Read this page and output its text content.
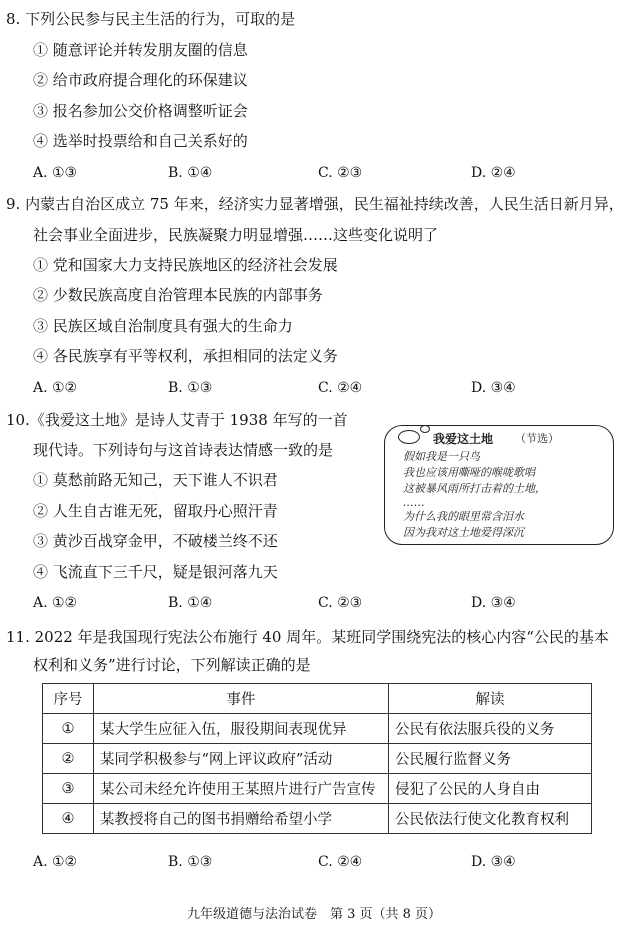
8. 下列公民参与民主生活的行为，可取的是
① 随意评论并转发朋友圈的信息
② 给市政府提合理化的环保建议
③ 报名参加公交价格调整听证会
④ 选举时投票给和自己关系好的
A. ①③	B. ①④	C. ②③	D. ②④
9. 内蒙古自治区成立 75 年来，经济实力显著增强，民生福祉持续改善，人民生活日新月异，
社会事业全面进步，民族凝聚力明显增强……这些变化说明了
① 党和国家大力支持民族地区的经济社会发展
② 少数民族高度自治管理本民族的内部事务
③ 民族区域自治制度具有强大的生命力
④ 各民族享有平等权利，承担相同的法定义务
A. ①②	B. ①③	C. ②④	D. ③④
10.《我爱这土地》是诗人艾青于 1938 年写的一首
现代诗。下列诗句与这首诗表达情感一致的是
① 莫愁前路无知己，天下谁人不识君
② 人生自古谁无死，留取丹心照汗青
③ 黄沙百战穿金甲，不破楼兰终不还
④ 飞流直下三千尺，疑是银河落九天
A. ①②	B. ①④	C. ②③	D. ③④
我爱这土地 （节选）
假如我是一只鸟
我也应该用嘶哑的喉咙歌唱
这被暴风雨所打击着的土地，
……
为什么我的眼里常含泪水
因为我对这土地爱得深沉
11. 2022 年是我国现行宪法公布施行 40 周年。某班同学围绕宪法的核心内容“公民的基本
权利和义务”进行讨论，下列解读正确的是
序号	事件	解读
①	某大学生应征入伍，服役期间表现优异	公民有依法服兵役的义务
②	某同学积极参与“网上评议政府”活动	公民履行监督义务
③	某公司未经允许使用王某照片进行广告宣传	侵犯了公民的人身自由
④	某教授将自己的图书捐赠给希望小学	公民依法行使文化教育权利
A. ①②	B. ①③	C. ②④	D. ③④
九年级道德与法治试卷　第 3 页（共 8 页）
